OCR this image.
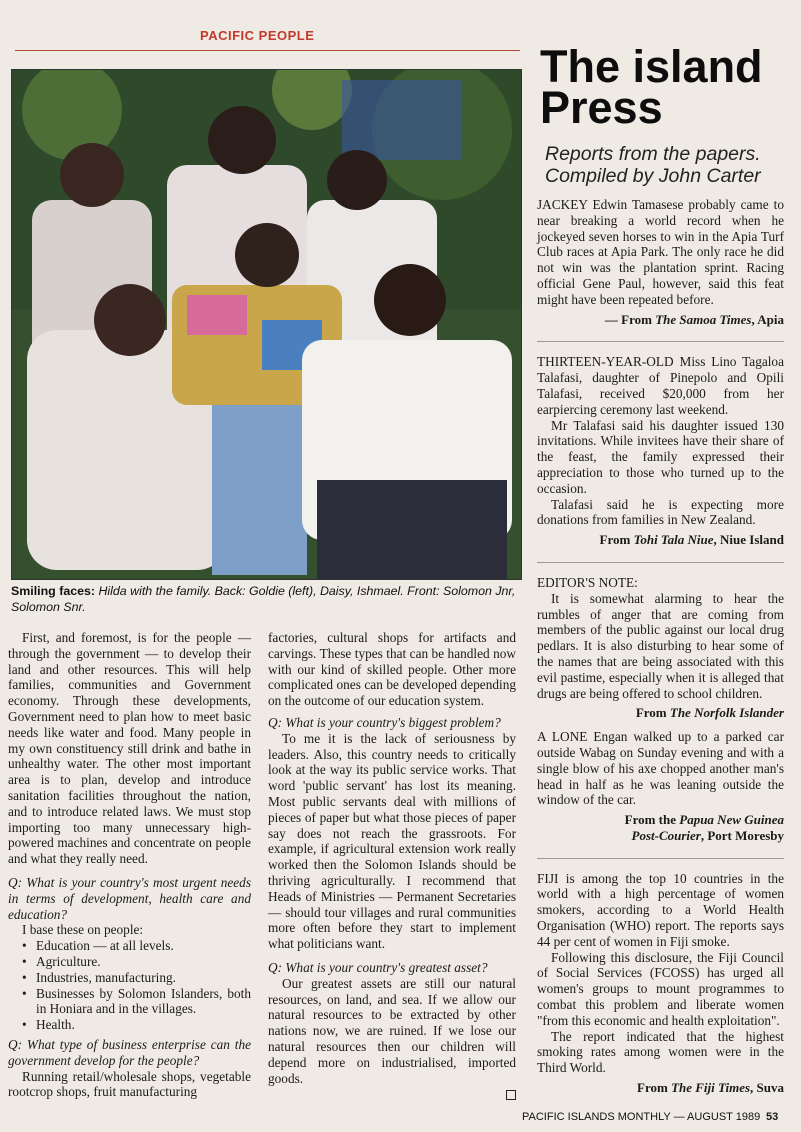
PACIFIC PEOPLE
Smiling faces: Hilda with the family. Back: Goldie (left), Daisy, Ishmael. Front: Solomon Jnr, Solomon Snr.

First, and foremost, is for the people — through the government — to develop their land and other resources. This will help families, communities and Government economy. Through these developments, Government need to plan how to meet basic needs like water and food. Many people in my own constituency still drink and bathe in unhealthy water. The other most important area is to plan, develop and introduce sanitation facilities throughout the nation, and to introduce related laws. We must stop importing too many unnecessary high-powered machines and concentrate on people and what they really need.

Q: What is your country's most urgent needs in terms of development, health care and education?

I base these on people:

• Education — at all levels.
• Agriculture.
• Industries, manufacturing.
• Businesses by Solomon Islanders, both in Honiara and in the villages.
• Health.

Q: What type of business enterprise can the government develop for the people?

Running retail/wholesale shops, vegetable rootcrop shops, fruit manufacturing

factories, cultural shops for artifacts and carvings. These types that can be handled now with our kind of skilled people. Other more complicated ones can be developed depending on the outcome of our education system.

Q: What is your country's biggest problem?

To me it is the lack of seriousness by leaders. Also, this country needs to critically look at the way its public service works. That word 'public servant' has lost its meaning. Most public servants deal with millions of pieces of paper but what those pieces of paper say does not reach the grassroots. For example, if agricultural extension work really worked then the Solomon Islands should be thriving agriculturally. I recommend that Heads of Ministries — Permanent Secretaries — should tour villages and rural communities more often before they start to implement what politicians want.

Q: What is your country's greatest asset?

Our greatest assets are still our natural resources, on land, and sea. If we allow our natural resources to be extracted by other nations now, we are ruined. If we lose our natural resources then our children will depend more on industrialised, imported goods.

The island Press
Reports from the papers. Compiled by John Carter

JACKEY Edwin Tamasese probably came to near breaking a world record when he jockeyed seven horses to win in the Apia Turf Club races at Apia Park. The only race he did not win was the plantation sprint. Racing official Gene Paul, however, said this feat might have been repeated before.

— From The Samoa Times, Apia

THIRTEEN-YEAR-OLD Miss Lino Tagaloa Talafasi, daughter of Pinepolo and Opili Talafasi, received $20,000 from her earpiercing ceremony last weekend.

Mr Talafasi said his daughter issued 130 invitations. While invitees have their share of the feast, the family expressed their appreciation to those who turned up to the occasion.

Talafasi said he is expecting more donations from families in New Zealand.

From Tohi Tala Niue, Niue Island

EDITOR'S NOTE:

It is somewhat alarming to hear the rumbles of anger that are coming from members of the public against our local drug pedlars. It is also disturbing to hear some of the names that are being associated with this evil pastime, especially when it is alleged that drugs are being offered to school children.

From The Norfolk Islander

A LONE Engan walked up to a parked car outside Wabag on Sunday evening and with a single blow of his axe chopped another man's head in half as he was leaning outside the window of the car.

From the Papua New Guinea
Post-Courier, Port Moresby

FIJI is among the top 10 countries in the world with a high percentage of women smokers, according to a World Health Organisation (WHO) report. The reports says 44 per cent of women in Fiji smoke.

Following this disclosure, the Fiji Council of Social Services (FCOSS) has urged all women's groups to mount programmes to combat this problem and liberate women "from this economic and health exploitation".

The report indicated that the highest smoking rates among women were in the Third World.

From The Fiji Times, Suva
PACIFIC ISLANDS MONTHLY — AUGUST 1989 53
